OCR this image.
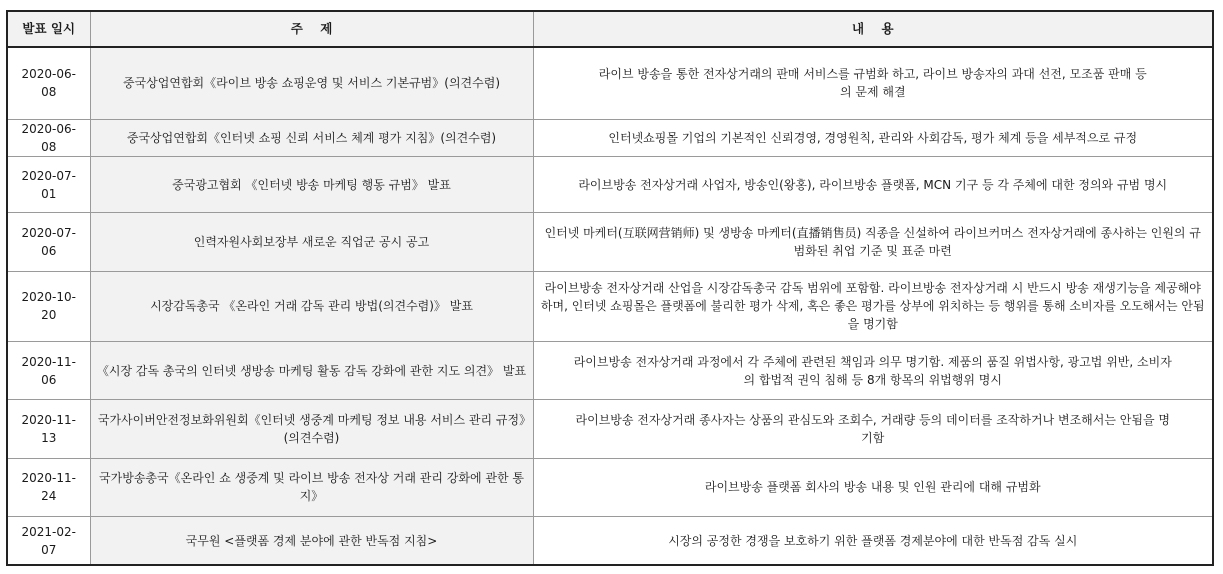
발표 일시	주    제	내    용
2020-06-08	중국상업연합회《라이브 방송 쇼핑운영 및 서비스 기본규범》(의견수렴)	라이브 방송을 통한 전자상거래의 판매 서비스를 규범화 하고, 라이브 방송자의 과대 선전, 모조품 판매 등의 문제 해결
2020-06-08	중국상업연합회《인터넷 쇼핑 신뢰 서비스 체계 평가 지침》(의견수렴)	인터넷쇼핑몰 기업의 기본적인 신뢰경영, 경영원칙, 관리와 사회감독, 평가 체계 등을 세부적으로 규정
2020-07-01	중국광고협회 《인터넷 방송 마케팅 행동 규범》 발표	라이브방송 전자상거래 사업자, 방송인(왕홍), 라이브방송 플랫폼, MCN 기구 등 각 주체에 대한 정의와 규범 명시
2020-07-06	인력자원사회보장부 새로운 직업군 공시 공고	인터넷 마케터(互联网营销师) 및 생방송 마케터(直播销售员) 직종을 신설하여 라이브커머스 전자상거래에 종사하는 인원의 규범화된 취업 기준 및 표준 마련
2020-10-20	시장감독총국 《온라인 거래 감독 관리 방법(의견수렴)》 발표	라이브방송 전자상거래 산업을 시장감독총국 감독 범위에 포함함. 라이브방송 전자상거래 시 반드시 방송 재생기능을 제공해야 하며, 인터넷 쇼핑몰은 플랫폼에 불리한 평가 삭제, 혹은 좋은 평가를 상부에 위치하는 등 행위를 통해 소비자를 오도해서는 안됨을 명기함
2020-11-06	《시장 감독 총국의 인터넷 생방송 마케팅 활동 감독 강화에 관한 지도 의견》 발표	라이브방송 전자상거래 과정에서 각 주체에 관련된 책임과 의무 명기함. 제품의 품질 위법사항, 광고법 위반, 소비자의 합법적 권익 침해 등 8개 항목의 위법행위 명시
2020-11-13	국가사이버안전정보화위원회《인터넷 생중계 마케팅 정보 내용 서비스 관리 규정》(의견수렴)	라이브방송 전자상거래 종사자는 상품의 관심도와 조회수, 거래량 등의 데이터를 조작하거나 변조해서는 안됨을 명기함
2020-11-24	국가방송총국《온라인 쇼 생중계 및 라이브 방송 전자상 거래 관리 강화에 관한 통지》	라이브방송 플랫폼 회사의 방송 내용 및 인원 관리에 대해 규범화
2021-02-07	국무원 <플랫폼 경제 분야에 관한 반독점 지침>	시장의 공정한 경쟁을 보호하기 위한 플랫폼 경제분야에 대한 반독점 감독 실시
